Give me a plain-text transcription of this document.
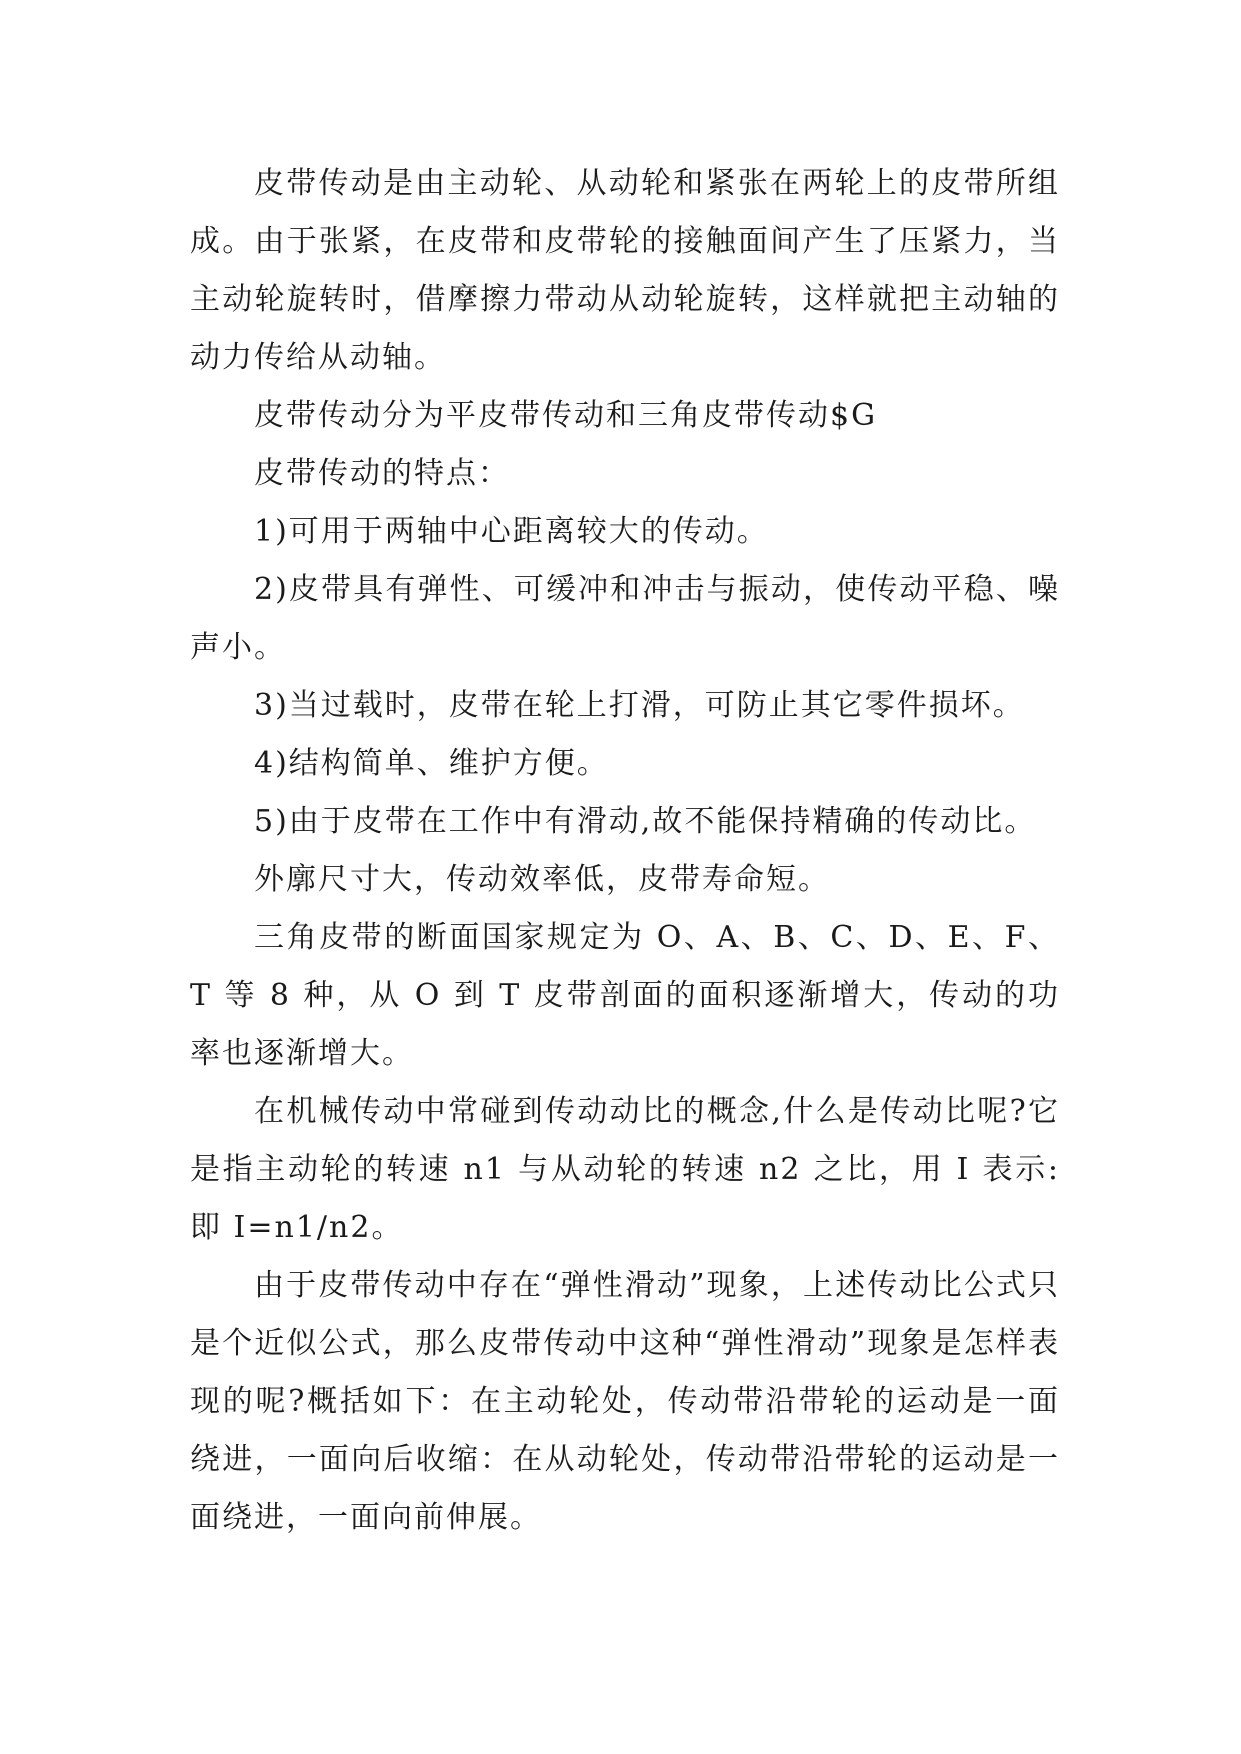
皮带传动是由主动轮、从动轮和紧张在两轮上的皮带所组成。由于张紧，在皮带和皮带轮的接触面间产生了压紧力，当主动轮旋转时，借摩擦力带动从动轮旋转，这样就把主动轴的动力传给从动轴。

皮带传动分为平皮带传动和三角皮带传动$G

皮带传动的特点：

1)可用于两轴中心距离较大的传动。

2)皮带具有弹性、可缓冲和冲击与振动，使传动平稳、噪声小。

3)当过载时，皮带在轮上打滑，可防止其它零件损坏。

4)结构简单、维护方便。

5)由于皮带在工作中有滑动,故不能保持精确的传动比。

外廓尺寸大，传动效率低，皮带寿命短。

三角皮带的断面国家规定为 O、A、B、C、D、E、F、T 等 8 种，从 O 到 T 皮带剖面的面积逐渐增大，传动的功率也逐渐增大。

在机械传动中常碰到传动动比的概念,什么是传动比呢?它是指主动轮的转速 n1 与从动轮的转速 n2 之比，用 I 表示:即 I=n1/n2。

由于皮带传动中存在“弹性滑动”现象，上述传动比公式只是个近似公式，那么皮带传动中这种“弹性滑动”现象是怎样表现的呢?概括如下：在主动轮处，传动带沿带轮的运动是一面绕进，一面向后收缩：在从动轮处，传动带沿带轮的运动是一面绕进，一面向前伸展。
